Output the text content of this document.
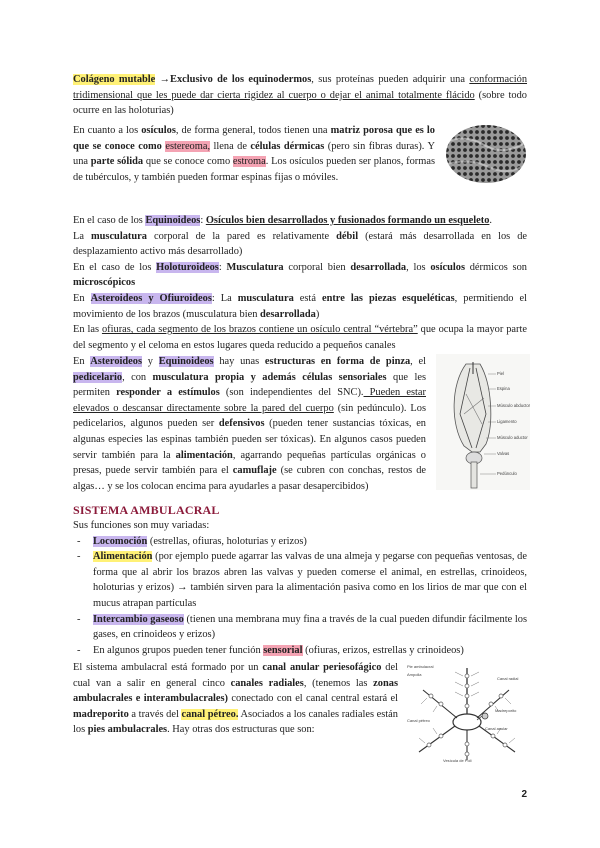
Colágeno mutable →Exclusivo de los equinodermos, sus proteínas pueden adquirir una conformación tridimensional que les puede dar cierta rigidez al cuerpo o dejar el animal totalmente flácido (sobre todo ocurre en las holoturias)
En cuanto a los osículos, de forma general, todos tienen una matriz porosa que es lo que se conoce como estereoma, llena de células dérmicas (pero sin fibras duras). Y una parte sólida que se conoce como estroma. Los osículos pueden ser planos, formas de tubérculos, y también pueden formar espinas fijas o móviles.
En el caso de los Equinoideos: Osículos bien desarrollados y fusionados formando un esqueleto.
La musculatura corporal de la pared es relativamente débil (estará más desarrollada en los de desplazamiento activo más desarrollado)
En el caso de los Holoturoideos: Musculatura corporal bien desarrollada, los osículos dérmicos son microscópicos
En Asteroideos y Ofiuroideos: La musculatura está entre las piezas esqueléticas, permitiendo el movimiento de los brazos (musculatura bien desarrollada)
En las ofiuras, cada segmento de los brazos contiene un osículo central “vértebra” que ocupa la mayor parte del segmento y el celoma en estos lugares queda reducido a pequeños canales
En Asteroideos y Equinoideos hay unas estructuras en forma de pinza, el pedicelario, con musculatura propia y además células sensoriales que les permiten responder a estímulos (son independientes del SNC). Pueden estar elevados o descansar directamente sobre la pared del cuerpo (sin pedúnculo). Los pedicelarios, algunos pueden ser defensivos (pueden tener sustancias tóxicas, en algunas especies las espinas también pueden ser tóxicas). En algunos casos pueden servir también para la alimentación, agarrando pequeñas partículas orgánicas o presas, puede servir también para el camuflaje (se cubren con conchas, restos de algas… y se los colocan encima para ayudarles a pasar desapercibidos)
Piel
Espina
Músculo abductor
Ligamento
Músculo aductor
Valvas
Pedúnculo
SISTEMA AMBULACRAL
Sus funciones son muy variadas:
- Locomoción (estrellas, ofiuras, holoturias y erizos)
- Alimentación (por ejemplo puede agarrar las valvas de una almeja y pegarse con pequeñas ventosas, de forma que al abrir los brazos abren las valvas y pueden comerse el animal, en estrellas, crinoideos, holoturias y erizos) → también sirven para la alimentación pasiva como en los lirios de mar que con el mucus atrapan partículas
- Intercambio gaseoso (tienen una membrana muy fina a través de la cual pueden difundir fácilmente los gases, en crinoideos y erizos)
- En algunos grupos pueden tener función sensorial (ofiuras, erizos, estrellas y crinoideos)
El sistema ambulacral está formado por un canal anular periesofágico del cual van a salir en general cinco canales radiales, (tenemos las zonas ambulacrales e interambulacrales) conectado con el canal central estará el madreporito a través del canal pétreo. Asociados a los canales radiales están los pies ambulacrales. Hay otras dos estructuras que son:
Pie ambulacral
Ampolla
Canal radial
Madreporito
Canal pétreo
Canal anular
Vesícula de Poli
2
